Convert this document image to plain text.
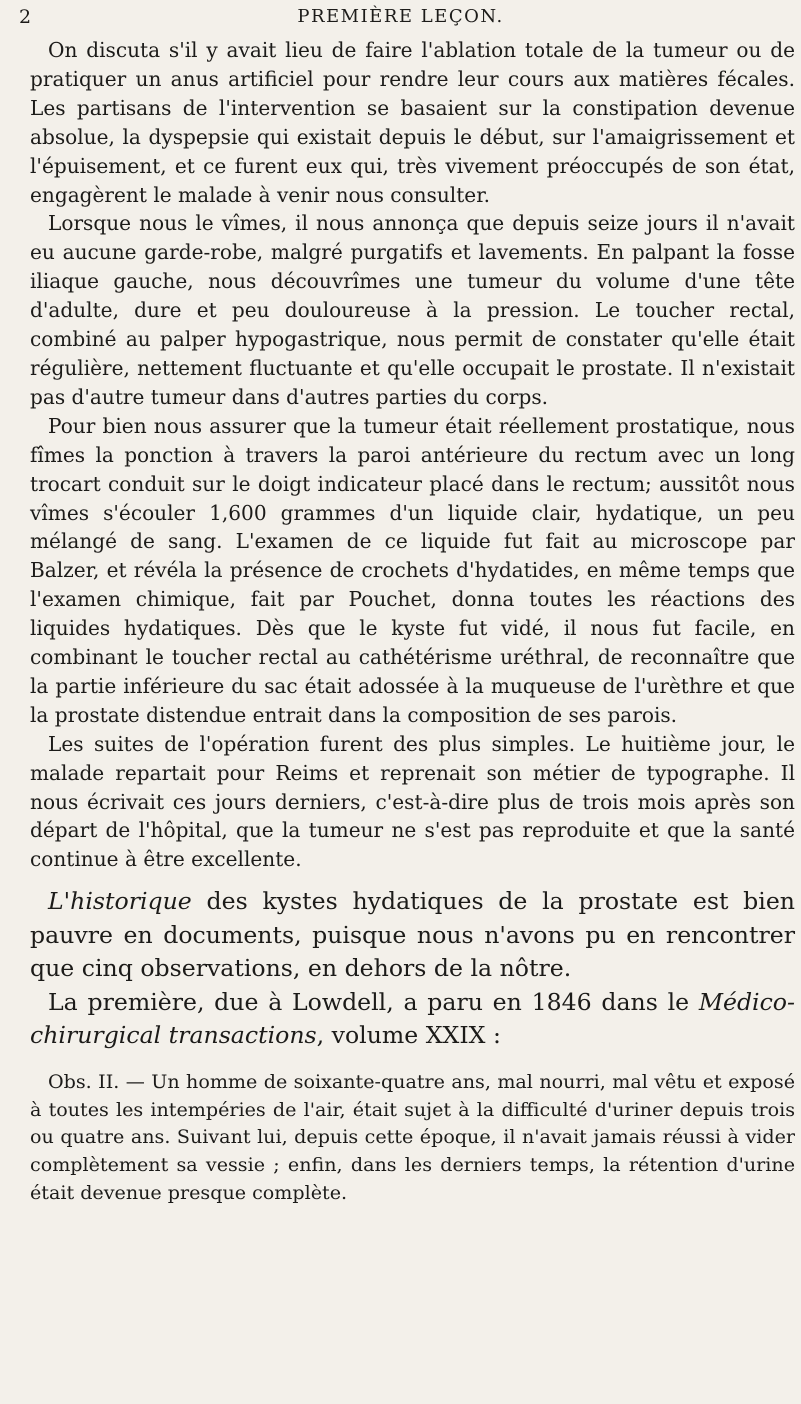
2	PREMIÈRE LEÇON.

On discuta s'il y avait lieu de faire l'ablation totale de la tumeur ou de pratiquer un anus artificiel pour rendre leur cours aux matières fécales. Les partisans de l'intervention se basaient sur la constipation devenue absolue, la dyspepsie qui existait depuis le début, sur l'amaigrissement et l'épuisement, et ce furent eux qui, très vivement préoccupés de son état, engagèrent le malade à venir nous consulter.

Lorsque nous le vîmes, il nous annonça que depuis seize jours il n'avait eu aucune garde-robe, malgré purgatifs et lavements. En palpant la fosse iliaque gauche, nous découvrîmes une tumeur du volume d'une tête d'adulte, dure et peu douloureuse à la pression. Le toucher rectal, combiné au palper hypogastrique, nous permit de constater qu'elle était régulière, nettement fluctuante et qu'elle occupait le prostate. Il n'existait pas d'autre tumeur dans d'autres parties du corps.

Pour bien nous assurer que la tumeur était réellement prostatique, nous fîmes la ponction à travers la paroi antérieure du rectum avec un long trocart conduit sur le doigt indicateur placé dans le rectum; aussitôt nous vîmes s'écouler 1,600 grammes d'un liquide clair, hydatique, un peu mélangé de sang. L'examen de ce liquide fut fait au microscope par Balzer, et révéla la présence de crochets d'hydatides, en même temps que l'examen chimique, fait par Pouchet, donna toutes les réactions des liquides hydatiques. Dès que le kyste fut vidé, il nous fut facile, en combinant le toucher rectal au cathétérisme uréthral, de reconnaître que la partie inférieure du sac était adossée à la muqueuse de l'urèthre et que la prostate distendue entrait dans la composition de ses parois.

Les suites de l'opération furent des plus simples. Le huitième jour, le malade repartait pour Reims et reprenait son métier de typographe. Il nous écrivait ces jours derniers, c'est-à-dire plus de trois mois après son départ de l'hôpital, que la tumeur ne s'est pas reproduite et que la santé continue à être excellente.

L'historique des kystes hydatiques de la prostate est bien pauvre en documents, puisque nous n'avons pu en rencontrer que cinq observations, en dehors de la nôtre.

La première, due à Lowdell, a paru en 1846 dans le Médico-chirurgical transactions, volume XXIX :

Obs. II. — Un homme de soixante-quatre ans, mal nourri, mal vêtu et exposé à toutes les intempéries de l'air, était sujet à la difficulté d'uriner depuis trois ou quatre ans. Suivant lui, depuis cette époque, il n'avait jamais réussi à vider complètement sa vessie ; enfin, dans les derniers temps, la rétention d'urine était devenue presque complète.
